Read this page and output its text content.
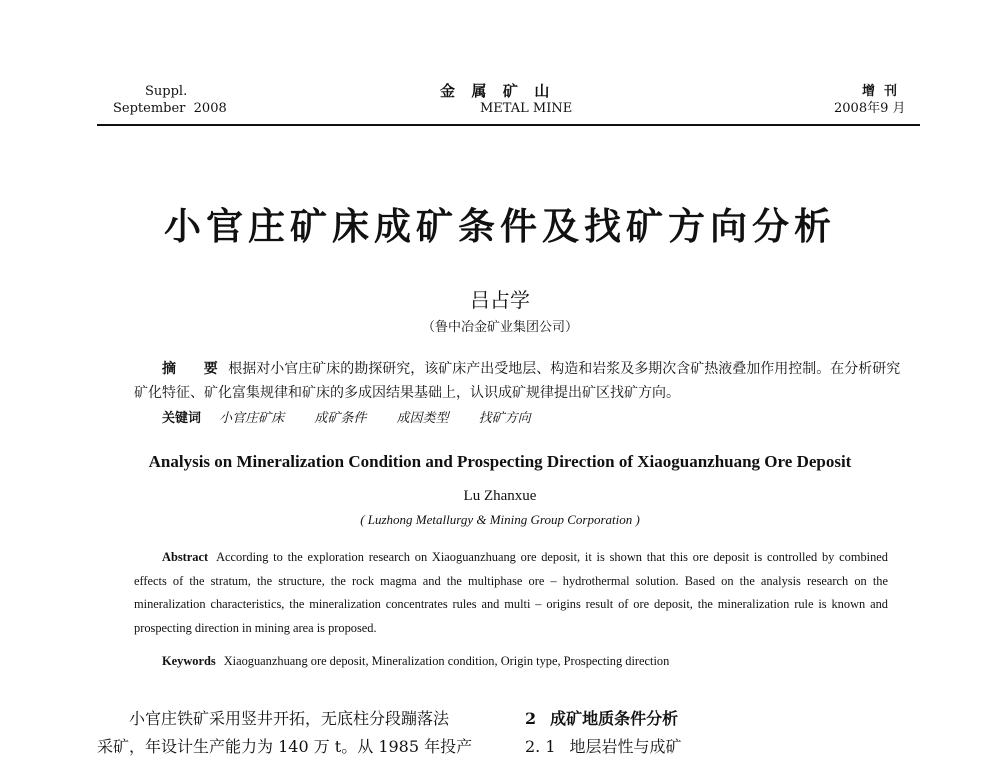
Suppl.
September  2008
金  属  矿  山
METAL MINE
增  刊
2008年9 月
小官庄矿床成矿条件及找矿方向分析
吕占学
（鲁中冶金矿业集团公司）
摘  要 根据对小官庄矿床的勘探研究，该矿床产出受地层、构造和岩浆及多期次含矿热液叠加作用控制。在分析研究矿化特征、矿化富集规律和矿床的多成因结果基础上，认识成矿规律提出矿区找矿方向。
关键词 小官庄矿床 成矿条件 成因类型 找矿方向
Analysis on Mineralization Condition and Prospecting Direction of Xiaoguanzhuang Ore Deposit
Lu Zhanxue
( Luzhong Metallurgy & Mining Group Corporation )
Abstract According to the exploration research on Xiaoguanzhuang ore deposit, it is shown that this ore deposit is controlled by combined effects of the stratum, the structure, the rock magma and the multiphase ore – hydrothermal solution. Based on the analysis research on the mineralization characteristics, the mineralization concentrates rules and multi – origins result of ore deposit, the mineralization rule is known and prospecting direction in mining area is proposed.
Keywords Xiaoguanzhuang ore deposit, Mineralization condition, Origin type, Prospecting direction
小官庄铁矿采用竖井开拓，无底柱分段蹦落法
采矿，年设计生产能力为 140 万 t。从 1985 年投产
2 成矿地质条件分析
2. 1 地层岩性与成矿
